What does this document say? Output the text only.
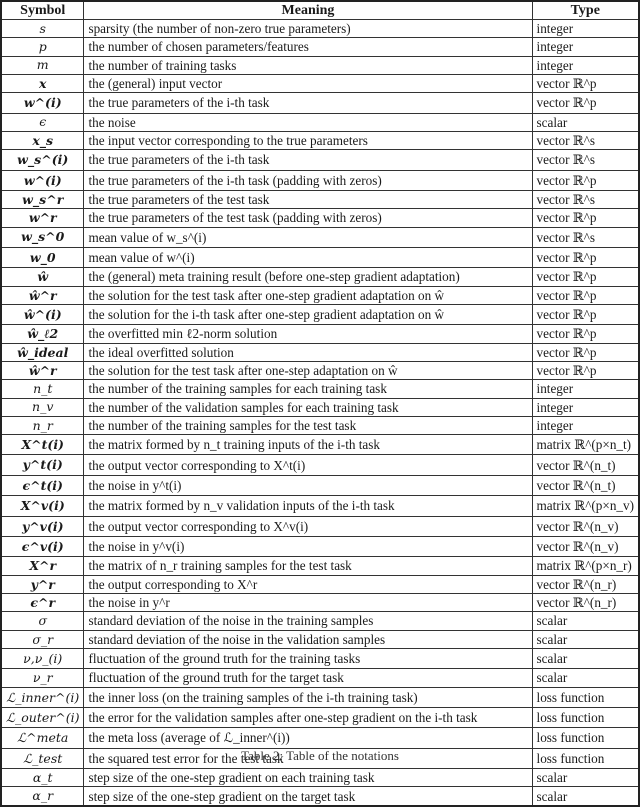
Symbol	Meaning	Type
s	sparsity (the number of non-zero true parameters)	integer
p	the number of chosen parameters/features	integer
m	the number of training tasks	integer
x	the (general) input vector	vector ℝ^p
w^(i)	the true parameters of the i-th task	vector ℝ^p
ϵ	the noise	scalar
x_s	the input vector corresponding to the true parameters	vector ℝ^s
w_s^(i)	the true parameters of the i-th task	vector ℝ^s
w^(i)	the true parameters of the i-th task (padding with zeros)	vector ℝ^p
w_s^r	the true parameters of the test task	vector ℝ^s
w^r	the true parameters of the test task (padding with zeros)	vector ℝ^p
w_s^0	mean value of w_s^(i)	vector ℝ^s
w_0	mean value of w^(i)	vector ℝ^p
ŵ	the (general) meta training result (before one-step gradient adaptation)	vector ℝ^p
ŵ^r	the solution for the test task after one-step gradient adaptation on ŵ	vector ℝ^p
ŵ^(i)	the solution for the i-th task after one-step gradient adaptation on ŵ	vector ℝ^p
ŵ_ℓ2	the overfitted min ℓ2-norm solution	vector ℝ^p
ŵ_ideal	the ideal overfitted solution	vector ℝ^p
ŵ^r	the solution for the test task after one-step adaptation on ŵ	vector ℝ^p
n_t	the number of the training samples for each training task	integer
n_v	the number of the validation samples for each training task	integer
n_r	the number of the training samples for the test task	integer
X^t(i)	the matrix formed by n_t training inputs of the i-th task	matrix ℝ^(p×n_t)
y^t(i)	the output vector corresponding to X^t(i)	vector ℝ^(n_t)
ϵ^t(i)	the noise in y^t(i)	vector ℝ^(n_t)
X^v(i)	the matrix formed by n_v validation inputs of the i-th task	matrix ℝ^(p×n_v)
y^v(i)	the output vector corresponding to X^v(i)	vector ℝ^(n_v)
ϵ^v(i)	the noise in y^v(i)	vector ℝ^(n_v)
X^r	the matrix of n_r training samples for the test task	matrix ℝ^(p×n_r)
y^r	the output corresponding to X^r	vector ℝ^(n_r)
ϵ^r	the noise in y^r	vector ℝ^(n_r)
σ	standard deviation of the noise in the training samples	scalar
σ_r	standard deviation of the noise in the validation samples	scalar
ν,ν_(i)	fluctuation of the ground truth for the training tasks	scalar
ν_r	fluctuation of the ground truth for the target task	scalar
ℒ_inner^(i)	the inner loss (on the training samples of the i-th training task)	loss function
ℒ_outer^(i)	the error for the validation samples after one-step gradient on the i-th task	loss function
ℒ^meta	the meta loss (average of ℒ_inner^(i))	loss function
ℒ_test	the squared test error for the test task	loss function
α_t	step size of the one-step gradient on each training task	scalar
α_r	step size of the one-step gradient on the target task	scalar
Table 2: Table of the notations
